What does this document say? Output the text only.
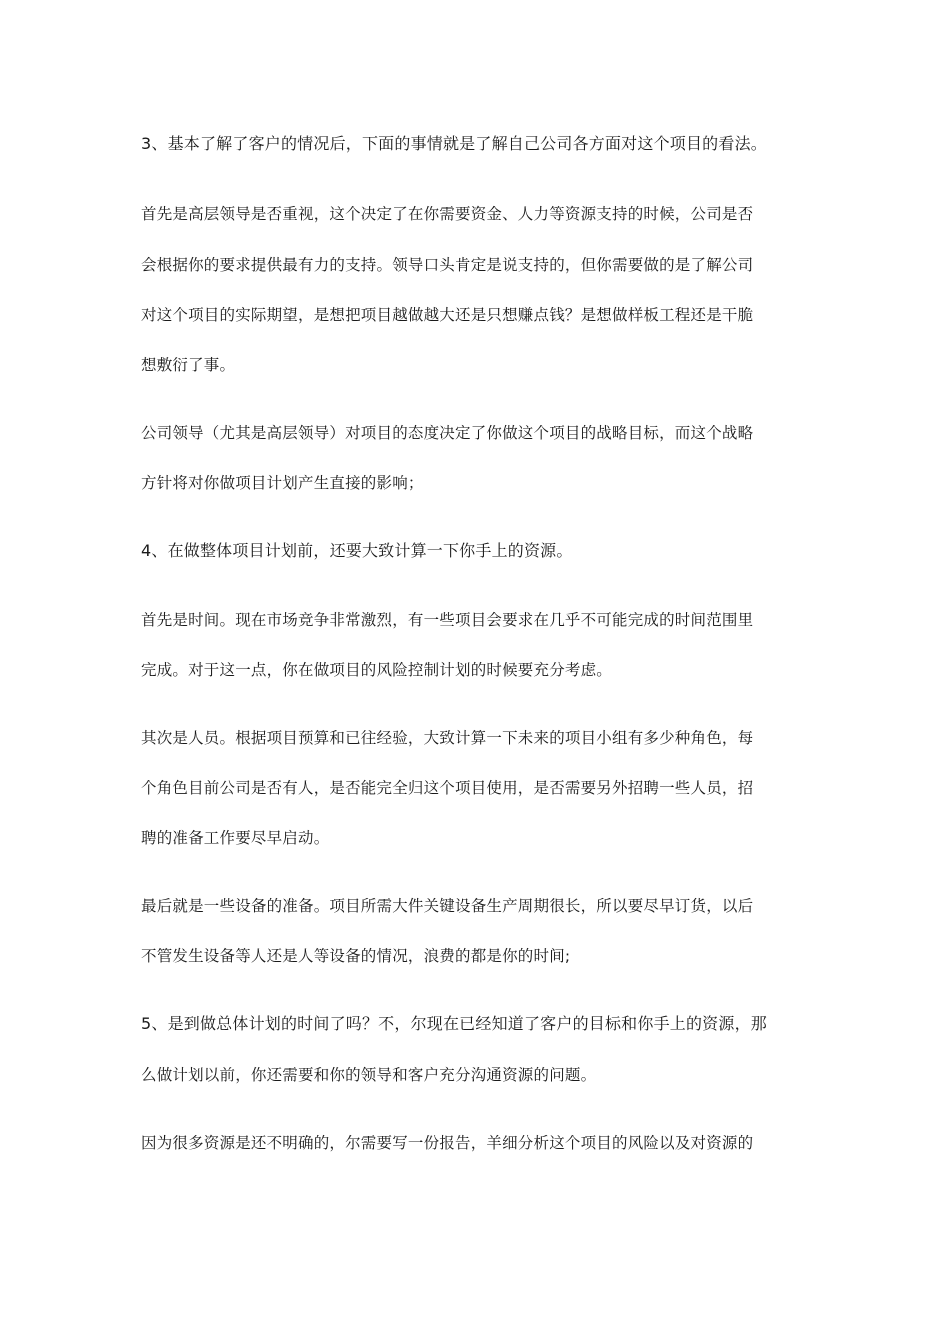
3、基本了解了客户的情况后，下面的事情就是了解自己公司各方面对这个项目的看法。
首先是高层领导是否重视，这个决定了在你需要资金、人力等资源支持的时候，公司是否
会根据你的要求提供最有力的支持。领导口头肯定是说支持的，但你需要做的是了解公司
对这个项目的实际期望，是想把项目越做越大还是只想赚点钱？是想做样板工程还是干脆
想敷衍了事。
公司领导（尤其是高层领导）对项目的态度决定了你做这个项目的战略目标，而这个战略
方针将对你做项目计划产生直接的影响；
4、在做整体项目计划前，还要大致计算一下你手上的资源。
首先是时间。现在市场竞争非常激烈，有一些项目会要求在几乎不可能完成的时间范围里
完成。对于这一点，你在做项目的风险控制计划的时候要充分考虑。
其次是人员。根据项目预算和已往经验，大致计算一下未来的项目小组有多少种角色，每
个角色目前公司是否有人，是否能完全归这个项目使用，是否需要另外招聘一些人员，招
聘的准备工作要尽早启动。
最后就是一些设备的准备。项目所需大件关键设备生产周期很长，所以要尽早订货，以后
不管发生设备等人还是人等设备的情况，浪费的都是你的时间;
5、是到做总体计划的时间了吗？不，尔现在已经知道了客户的目标和你手上的资源，那
么做计划以前，你还需要和你的领导和客户充分沟通资源的问题。
因为很多资源是还不明确的，尔需要写一份报告，羊细分析这个项目的风险以及对资源的
